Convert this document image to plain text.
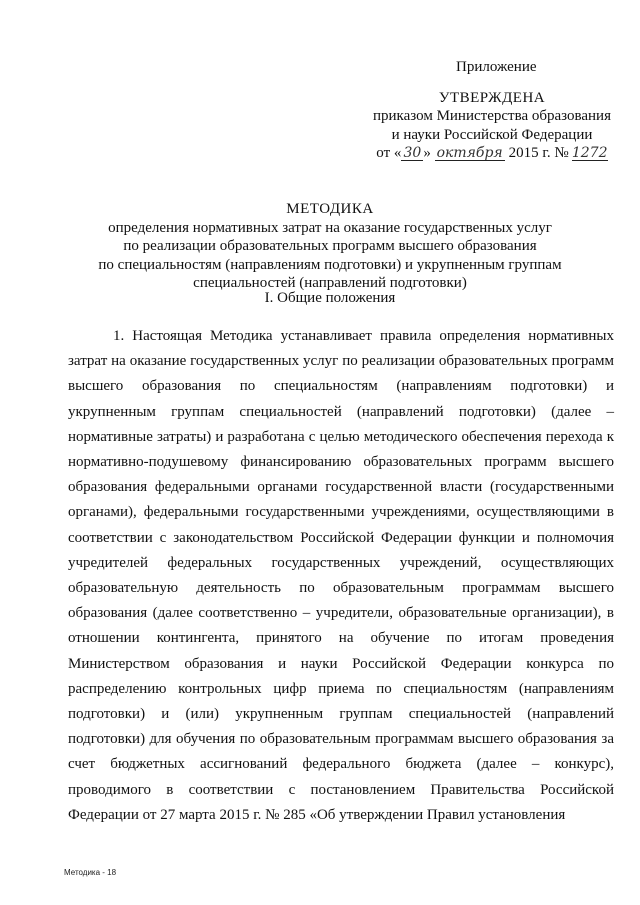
Приложение
УТВЕРЖДЕНА
приказом Министерства образования
и науки Российской Федерации
от « 30 » октября 2015 г. № 1272
МЕТОДИКА
определения нормативных затрат на оказание государственных услуг
по реализации образовательных программ высшего образования
по специальностям (направлениям подготовки) и укрупненным группам
специальностей (направлений подготовки)
I. Общие положения

1. Настоящая Методика устанавливает правила определения нормативных затрат на оказание государственных услуг по реализации образовательных программ высшего образования по специальностям (направлениям подготовки) и укрупненным группам специальностей (направлений подготовки) (далее – нормативные затраты) и разработана с целью методического обеспечения перехода к нормативно-подушевому финансированию образовательных программ высшего образования федеральными органами государственной власти (государственными органами), федеральными государственными учреждениями, осуществляющими в соответствии с законодательством Российской Федерации функции и полномочия учредителей федеральных государственных учреждений, осуществляющих образовательную деятельность по образовательным программам высшего образования (далее соответственно – учредители, образовательные организации), в отношении контингента, принятого на обучение по итогам проведения Министерством образования и науки Российской Федерации конкурса по распределению контрольных цифр приема по специальностям (направлениям подготовки) и (или) укрупненным группам специальностей (направлений подготовки) для обучения по образовательным программам высшего образования за счет бюджетных ассигнований федерального бюджета (далее – конкурс), проводимого в соответствии с постановлением Правительства Российской Федерации от 27 марта 2015 г. № 285 «Об утверждении Правил установления

Методика - 18
